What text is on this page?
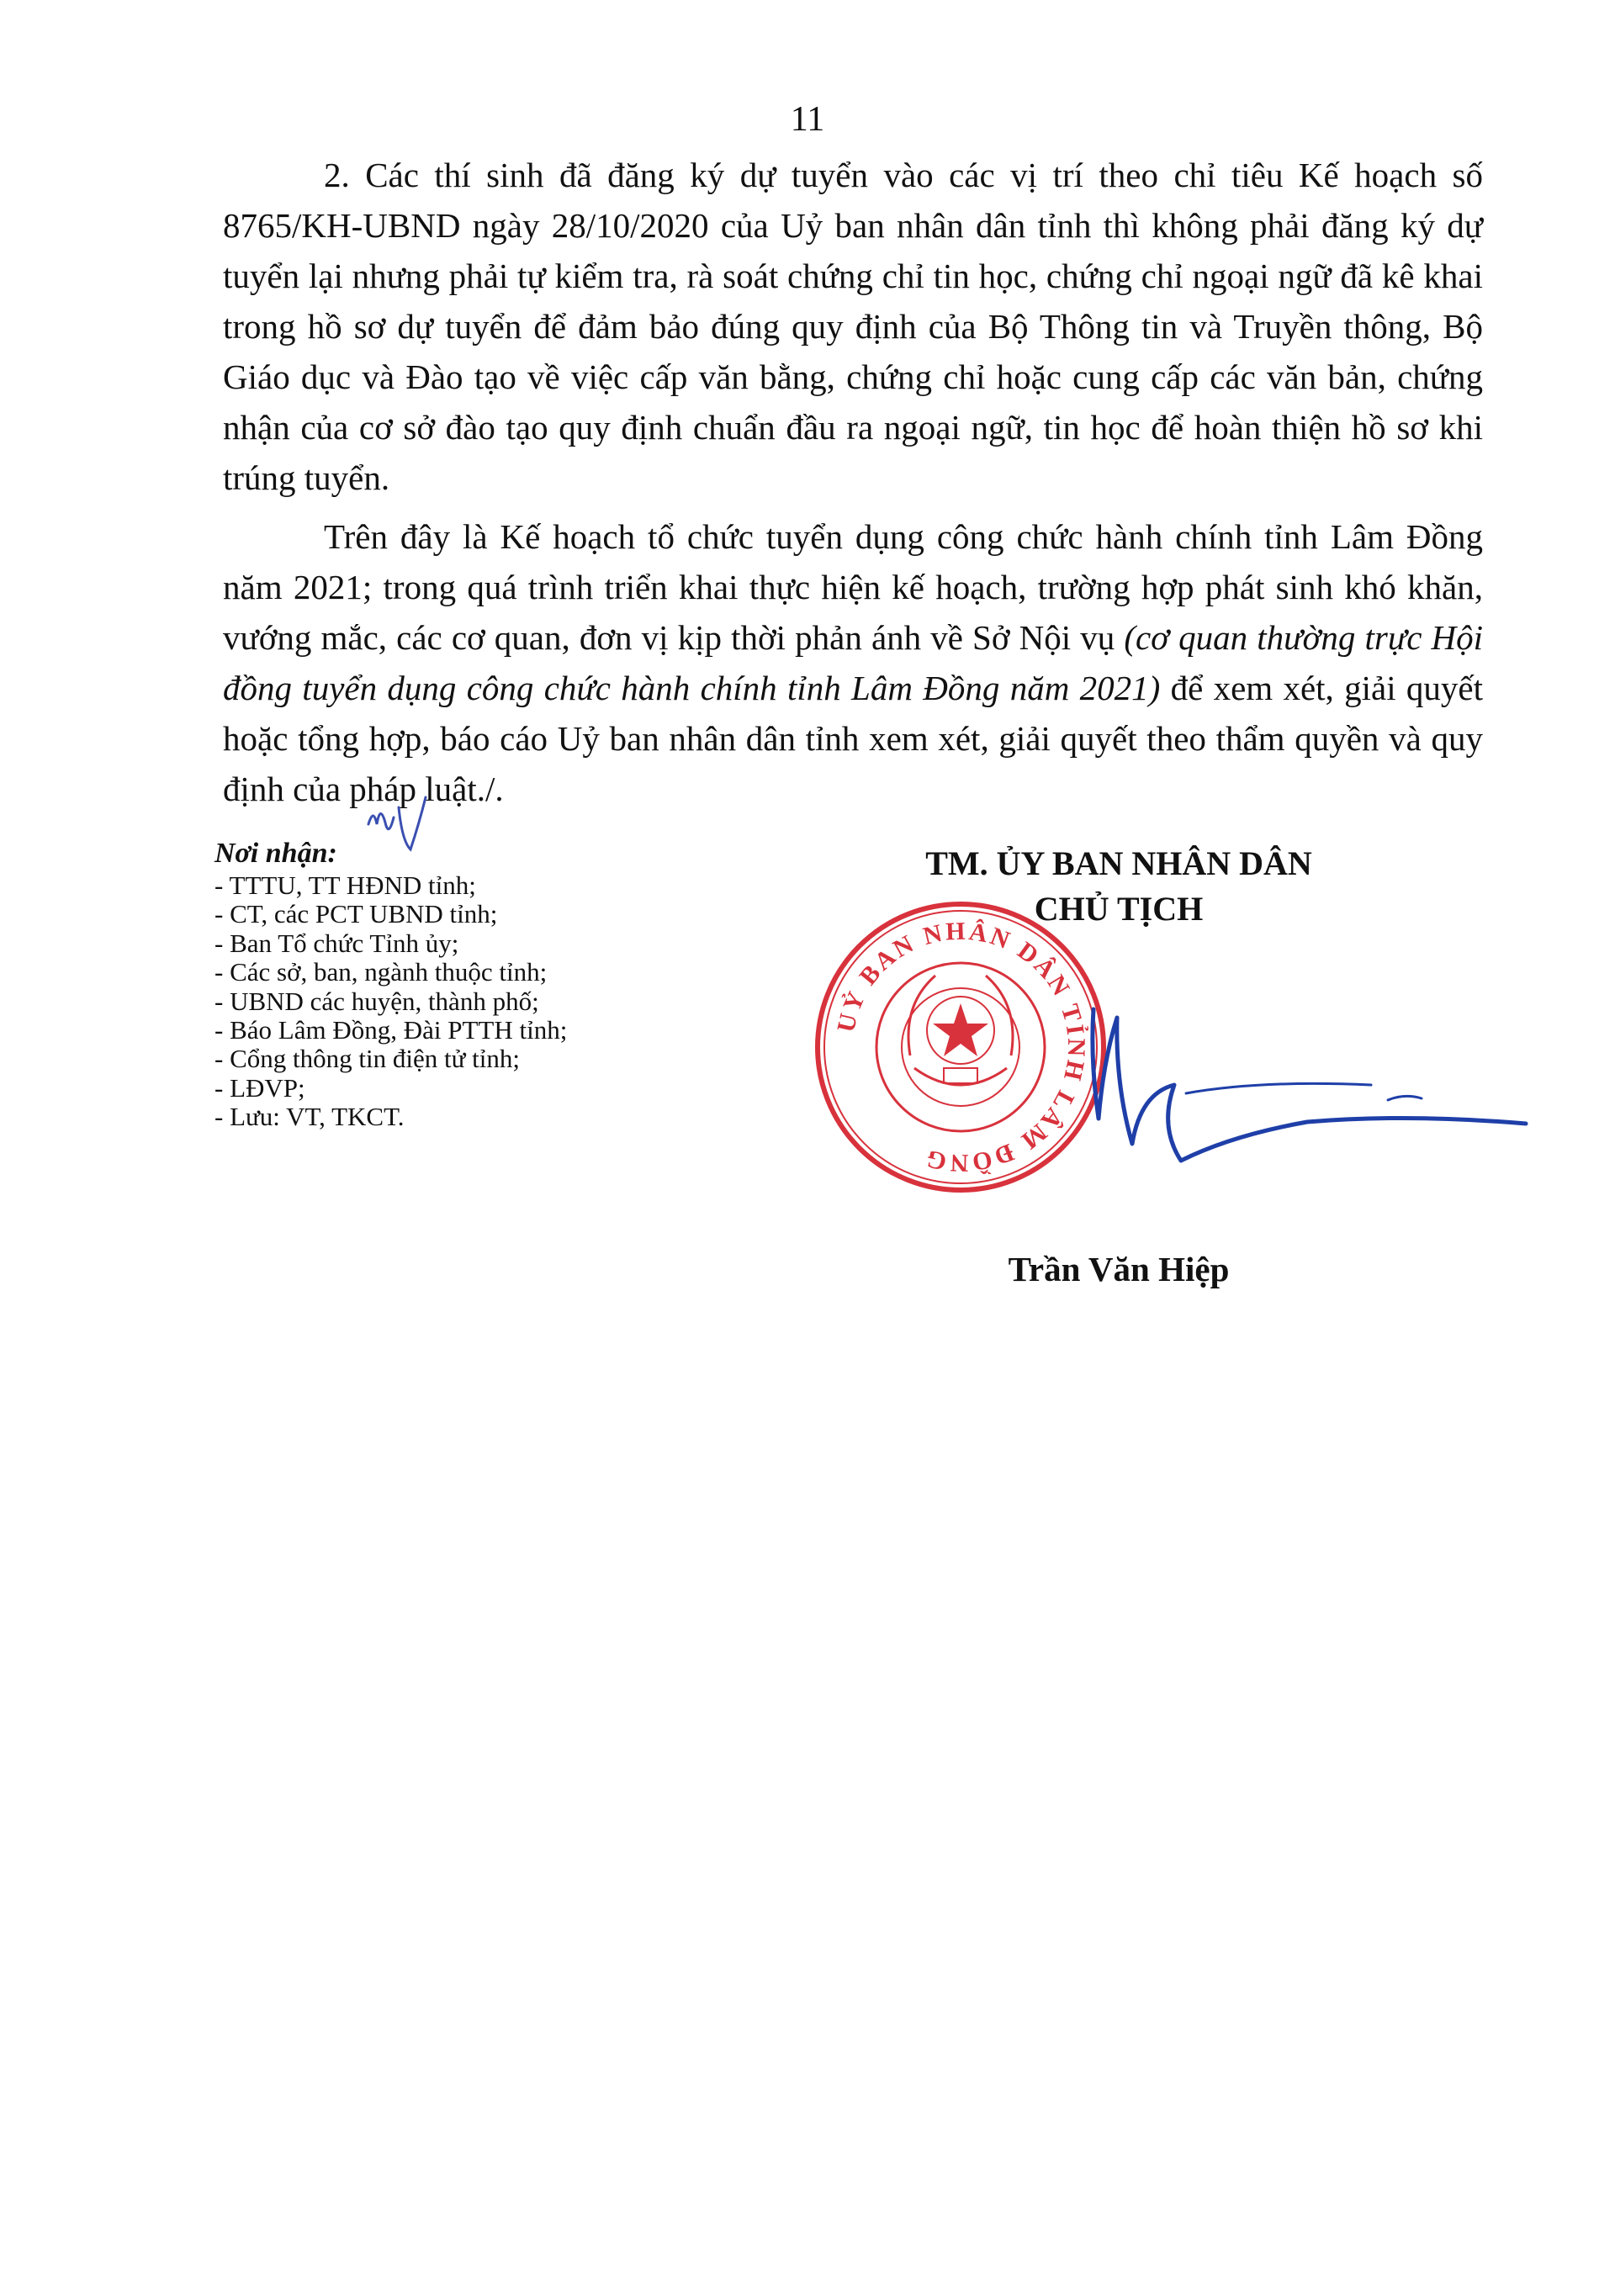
11

2. Các thí sinh đã đăng ký dự tuyển vào các vị trí theo chỉ tiêu Kế hoạch số 8765/KH-UBND ngày 28/10/2020 của Uỷ ban nhân dân tỉnh thì không phải đăng ký dự tuyển lại nhưng phải tự kiểm tra, rà soát chứng chỉ tin học, chứng chỉ ngoại ngữ đã kê khai trong hồ sơ dự tuyển để đảm bảo đúng quy định của Bộ Thông tin và Truyền thông, Bộ Giáo dục và Đào tạo về việc cấp văn bằng, chứng chỉ hoặc cung cấp các văn bản, chứng nhận của cơ sở đào tạo quy định chuẩn đầu ra ngoại ngữ, tin học để hoàn thiện hồ sơ khi trúng tuyển.

Trên đây là Kế hoạch tổ chức tuyển dụng công chức hành chính tỉnh Lâm Đồng năm 2021; trong quá trình triển khai thực hiện kế hoạch, trường hợp phát sinh khó khăn, vướng mắc, các cơ quan, đơn vị kịp thời phản ánh về Sở Nội vụ (cơ quan thường trực Hội đồng tuyển dụng công chức hành chính tỉnh Lâm Đồng năm 2021) để xem xét, giải quyết hoặc tổng hợp, báo cáo Uỷ ban nhân dân tỉnh xem xét, giải quyết theo thẩm quyền và quy định của pháp luật./.

Nơi nhận:
- TTTU, TT HĐND tỉnh;
- CT, các PCT UBND tỉnh;
- Ban Tổ chức Tỉnh ủy;
- Các sở, ban, ngành thuộc tỉnh;
- UBND các huyện, thành phố;
- Báo Lâm Đồng, Đài PTTH tỉnh;
- Cổng thông tin điện tử tỉnh;
- LĐVP;
- Lưu: VT, TKCT.
TM. ỦY BAN NHÂN DÂN
CHỦ TỊCH
UỶ BAN NHÂN DÂN TỈNH LÂM ĐỒNG
Trần Văn Hiệp
